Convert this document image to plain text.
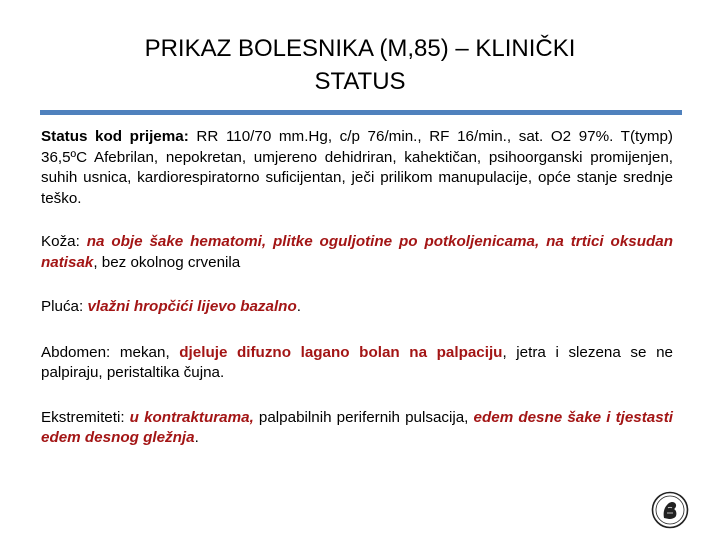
PRIKAZ BOLESNIKA (M,85) – KLINIČKI
STATUS

Status kod prijema: RR 110/70 mm.Hg, c/p 76/min., RF 16/min., sat. O2 97%. T(tymp) 36,5ºC Afebrilan, nepokretan, umjereno dehidriran, kahektičan, psihoorganski promijenjen, suhih usnica, kardiorespiratorno suficijentan, ječi prilikom manupulacije, opće stanje srednje teško.

Koža: na obje šake hematomi, plitke oguljotine po potkoljenicama, na trtici oksudan natisak, bez okolnog crvenila

Pluća: vlažni hropčići lijevo bazalno.

Abdomen: mekan, djeluje difuzno lagano bolan na palpaciju, jetra i slezena se ne palpiraju, peristaltika čujna.

Ekstremiteti: u kontrakturama, palpabilnih perifernih pulsacija, edem desne šake i tjestasti edem desnog gležnja.
